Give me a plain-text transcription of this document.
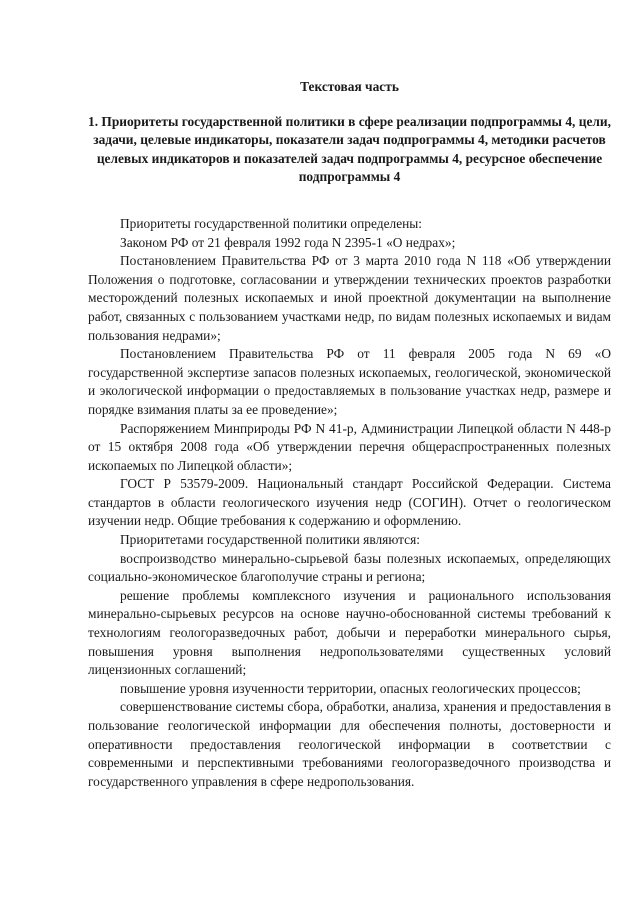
Текстовая часть
1. Приоритеты государственной политики в сфере реализации подпрограммы 4, цели, задачи, целевые индикаторы, показатели задач подпрограммы 4, методики расчетов целевых индикаторов и показателей задач подпрограммы 4, ресурсное обеспечение подпрограммы 4

Приоритеты государственной политики определены:

Законом РФ от 21 февраля 1992 года N 2395-1 «О недрах»;

Постановлением Правительства РФ от 3 марта 2010 года N 118 «Об утверждении Положения о подготовке, согласовании и утверждении технических проектов разработки месторождений полезных ископаемых и иной проектной документации на выполнение работ, связанных с пользованием участками недр, по видам полезных ископаемых и видам пользования недрами»;

Постановлением Правительства РФ от 11 февраля 2005 года N 69 «О государственной экспертизе запасов полезных ископаемых, геологической, экономической и экологической информации о предоставляемых в пользование участках недр, размере и порядке взимания платы за ее проведение»;

Распоряжением Минприроды РФ N 41-р, Администрации Липецкой области N 448-р от 15 октября 2008 года «Об утверждении перечня общераспространенных полезных ископаемых по Липецкой области»;

ГОСТ Р 53579-2009. Национальный стандарт Российской Федерации. Система стандартов в области геологического изучения недр (СОГИН). Отчет о геологическом изучении недр. Общие требования к содержанию и оформлению.

Приоритетами государственной политики являются:

воспроизводство минерально-сырьевой базы полезных ископаемых, определяющих социально-экономическое благополучие страны и региона;

решение проблемы комплексного изучения и рационального использования минерально-сырьевых ресурсов на основе научно-обоснованной системы требований к технологиям геологоразведочных работ, добычи и переработки минерального сырья, повышения уровня выполнения недропользователями существенных условий лицензионных соглашений;

повышение уровня изученности территории, опасных геологических процессов;

совершенствование системы сбора, обработки, анализа, хранения и предоставления в пользование геологической информации для обеспечения полноты, достоверности и оперативности предоставления геологической информации в соответствии с современными и перспективными требованиями геологоразведочного производства и государственного управления в сфере недропользования.
